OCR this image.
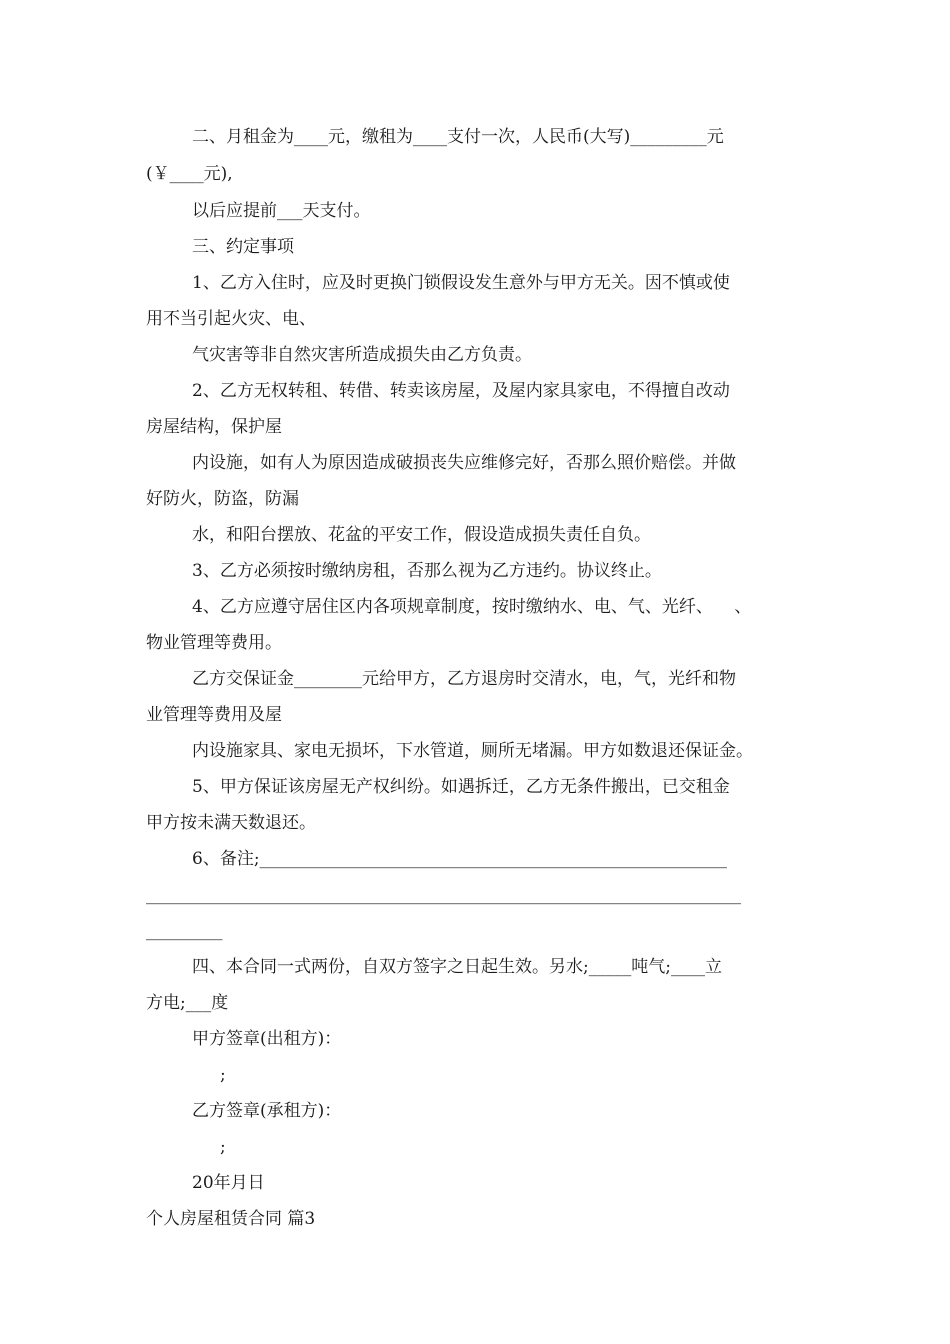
二、月租金为____元，缴租为____支付一次，人民币(大写)_________元
(￥____元),
以后应提前___天支付。
三、约定事项
1、乙方入住时，应及时更换门锁假设发生意外与甲方无关。因不慎或使
用不当引起火灾、电、
气灾害等非自然灾害所造成损失由乙方负责。
2、乙方无权转租、转借、转卖该房屋，及屋内家具家电，不得擅自改动
房屋结构，保护屋
内设施，如有人为原因造成破损丧失应维修完好，否那么照价赔偿。并做
好防火，防盗，防漏
水，和阳台摆放、花盆的平安工作，假设造成损失责任自负。
3、乙方必须按时缴纳房租，否那么视为乙方违约。协议终止。
4、乙方应遵守居住区内各项规章制度，按时缴纳水、电、气、光纤、    、
物业管理等费用。
乙方交保证金________元给甲方，乙方退房时交清水，电，气，光纤和物
业管理等费用及屋
内设施家具、家电无损坏，下水管道，厕所无堵漏。甲方如数退还保证金。
5、甲方保证该房屋无产权纠纷。如遇拆迁，乙方无条件搬出，已交租金
甲方按未满天数退还。
6、备注;_______________________________________________________
______________________________________________________________________
_________
四、本合同一式两份，自双方签字之日起生效。另水;_____吨气;____立
方电;___度
甲方签章(出租方)：
;
乙方签章(承租方)：
;
20年月日
个人房屋租赁合同 篇3
